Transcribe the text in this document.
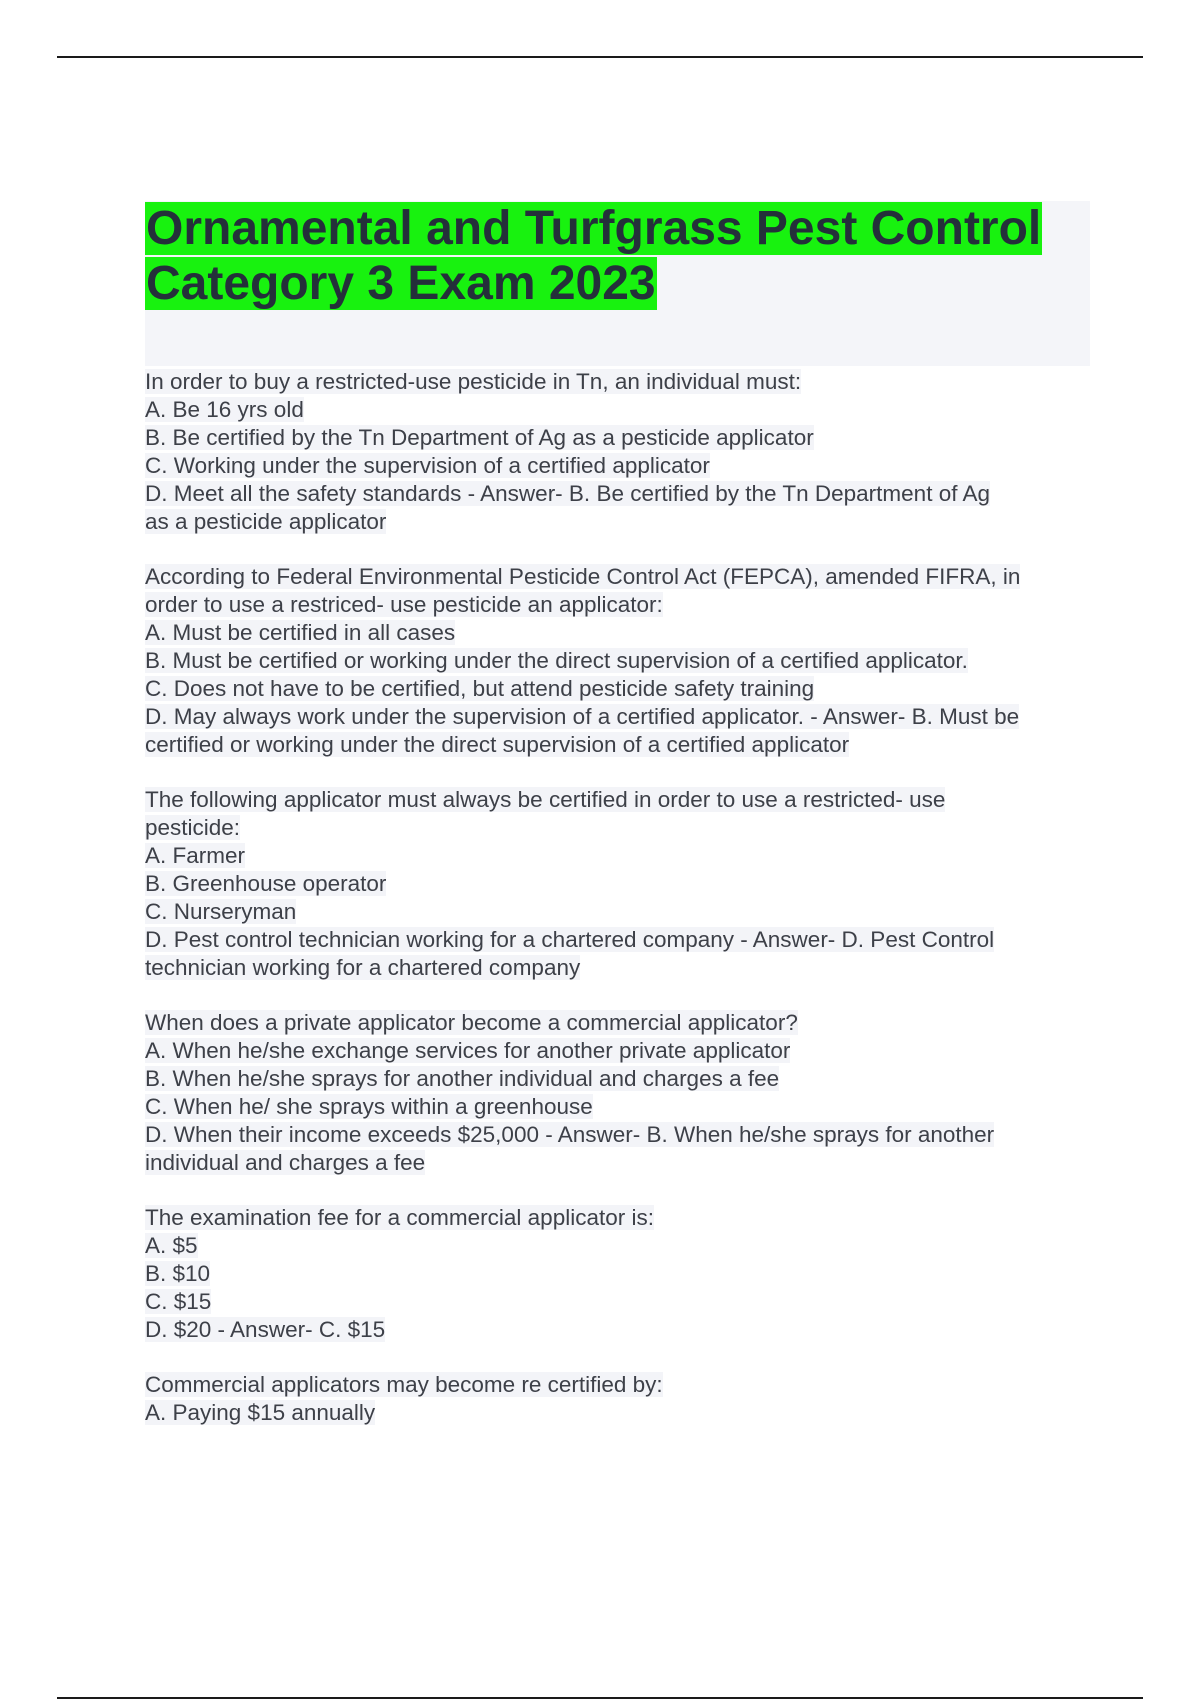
Ornamental and Turfgrass Pest Control
Category 3 Exam 2023
In order to buy a restricted-use pesticide in Tn, an individual must:
A. Be 16 yrs old
B. Be certified by the Tn Department of Ag as a pesticide applicator
C. Working under the supervision of a certified applicator
D. Meet all the safety standards - Answer- B. Be certified by the Tn Department of Ag
as a pesticide applicator
According to Federal Environmental Pesticide Control Act (FEPCA), amended FIFRA, in
order to use a restriced- use pesticide an applicator:
A. Must be certified in all cases
B. Must be certified or working under the direct supervision of a certified applicator.
C. Does not have to be certified, but attend pesticide safety training
D. May always work under the supervision of a certified applicator. - Answer- B. Must be
certified or working under the direct supervision of a certified applicator
The following applicator must always be certified in order to use a restricted- use
pesticide:
A. Farmer
B. Greenhouse operator
C. Nurseryman
D. Pest control technician working for a chartered company - Answer- D. Pest Control
technician working for a chartered company
When does a private applicator become a commercial applicator?
A. When he/she exchange services for another private applicator
B. When he/she sprays for another individual and charges a fee
C. When he/ she sprays within a greenhouse
D. When their income exceeds $25,000 - Answer- B. When he/she sprays for another
individual and charges a fee
The examination fee for a commercial applicator is:
A. $5
B. $10
C. $15
D. $20 - Answer- C. $15
Commercial applicators may become re certified by:
A. Paying $15 annually
